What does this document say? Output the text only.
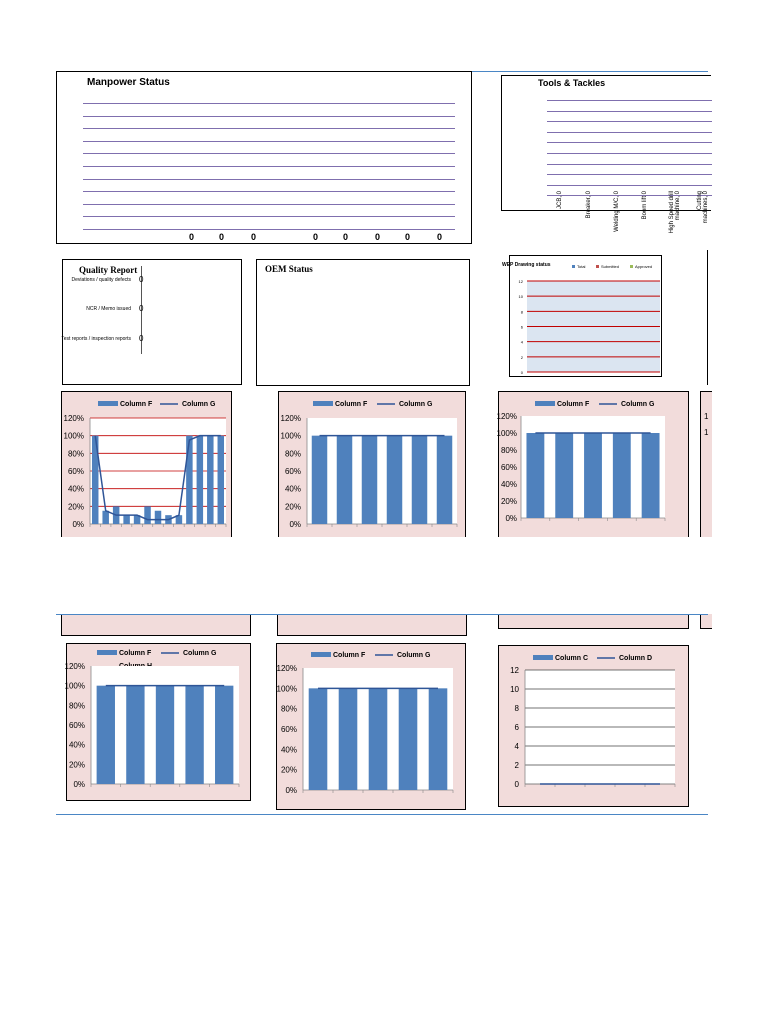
Manpower Status
0	0	0	0	0	0	0	0
Tools & Tackles
JCB, 0	Breaker, 0	Welding M/C, 0	Boom lift 0	High Speed drill machine, 0	Cutting machines, 0
Quality Report
Deviations / quality defects 0
NCR / Memo issued 0
Test reports / inspection reports 0
OEM Status	WEP Drawing status	Total	Submitted	Approved
12
10
8
6
4
2
0
Column F	Column G
120%
100%
80%
60%
40%
20%
0%
Column F	Column G
120%
100%
80%
60%
40%
20%
0%
Column F	Column G
120%
100%
80%
60%
40%
20%
0%
1
1
Column F	Column G
120%
100%
80%
60%
40%
20%
0%
Column F	Column G
120%
100%
80%
60%
40%
20%
0%
Column C	Column D
12
10
8
6
4
2
0
